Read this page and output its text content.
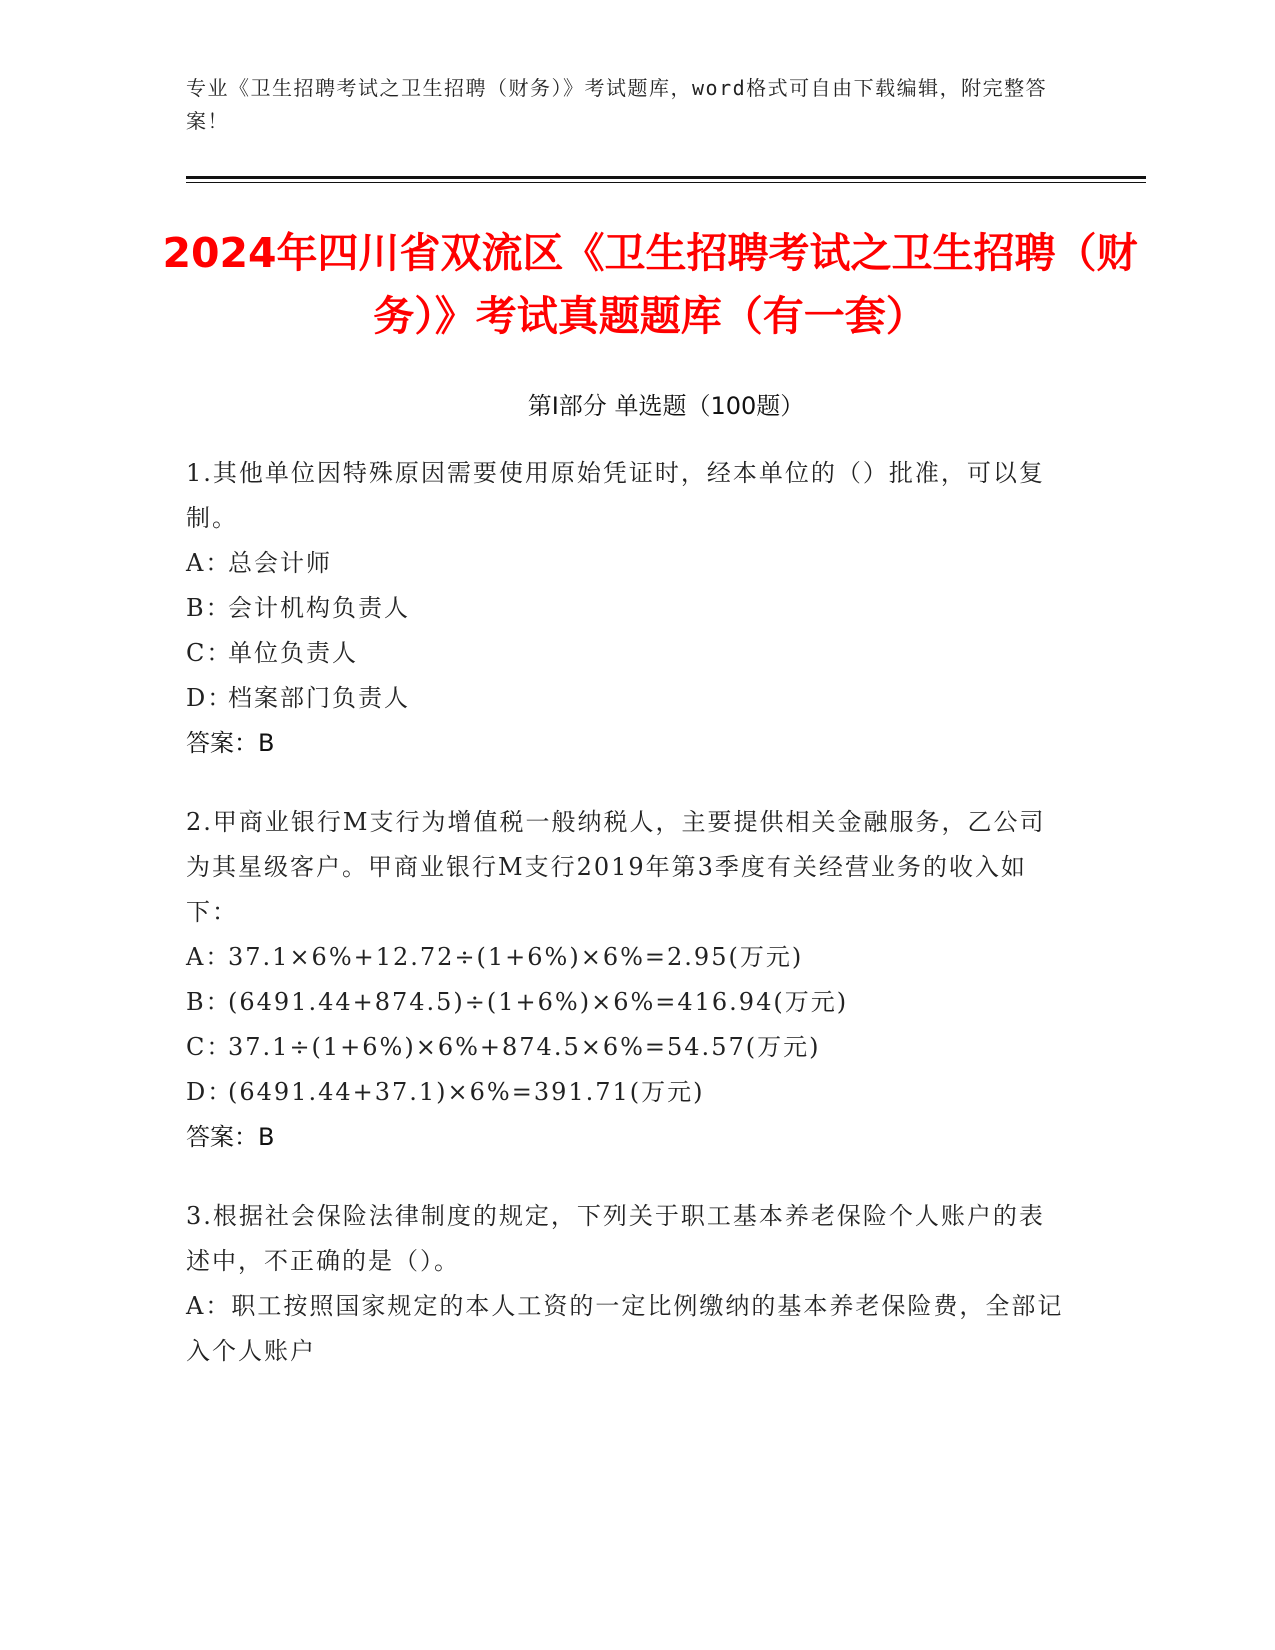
专业《卫生招聘考试之卫生招聘（财务）》考试题库，word格式可自由下载编辑，附完整答案！
2024年四川省双流区《卫生招聘考试之卫生招聘（财务）》考试真题题库（有一套）
第I部分 单选题（100题）
1.其他单位因特殊原因需要使用原始凭证时，经本单位的（）批准，可以复制。
A：总会计师
B：会计机构负责人
C：单位负责人
D：档案部门负责人
答案：B
2.甲商业银行M支行为增值税一般纳税人，主要提供相关金融服务，乙公司为其星级客户。甲商业银行M支行2019年第3季度有关经营业务的收入如下：
A：37.1×6%+12.72÷(1+6%)×6%=2.95(万元)
B：(6491.44+874.5)÷(1+6%)×6%=416.94(万元)
C：37.1÷(1+6%)×6%+874.5×6%=54.57(万元)
D：(6491.44+37.1)×6%=391.71(万元)
答案：B
3.根据社会保险法律制度的规定，下列关于职工基本养老保险个人账户的表述中，不正确的是（）。
A：职工按照国家规定的本人工资的一定比例缴纳的基本养老保险费，全部记入个人账户
